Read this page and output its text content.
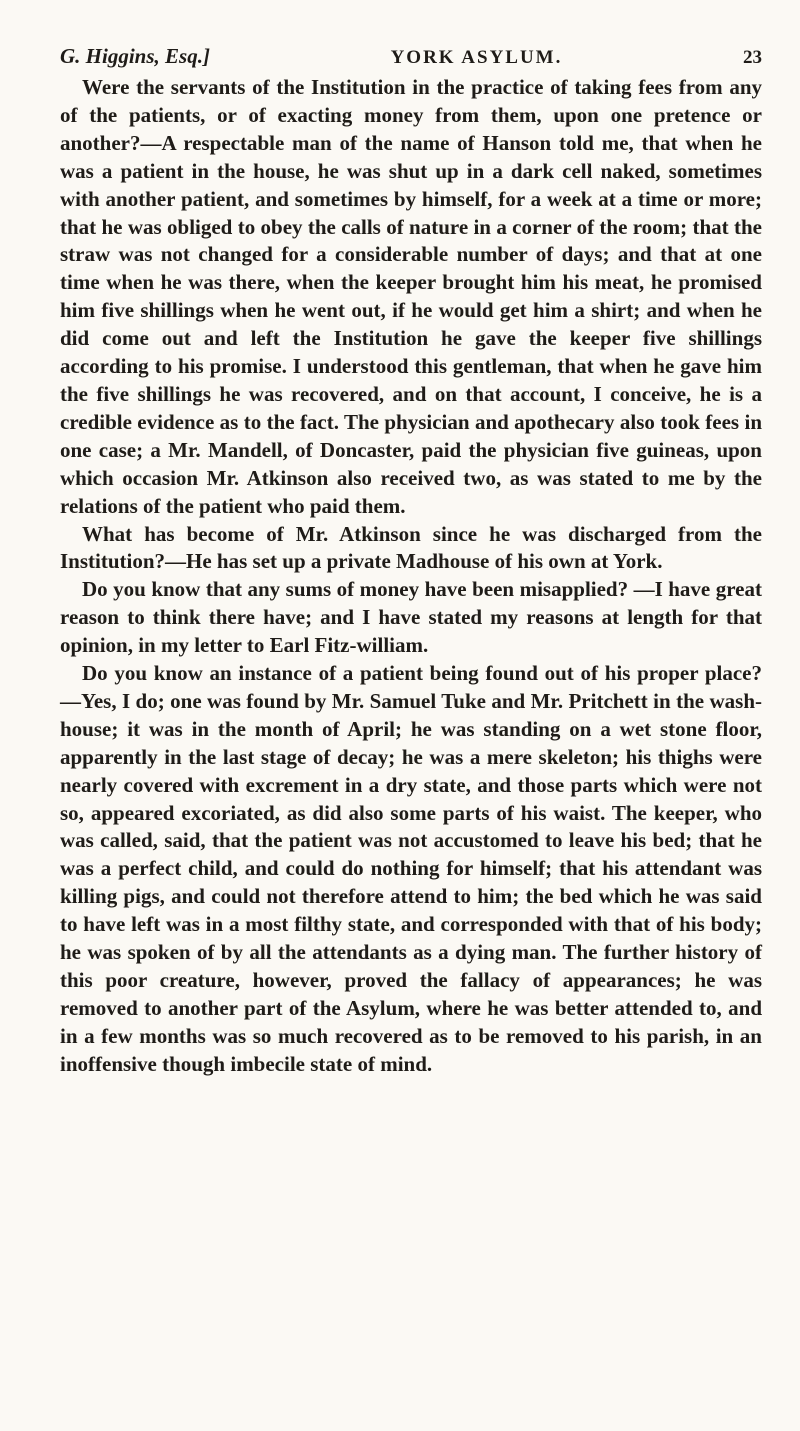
G. Higgins, Esq.]	YORK ASYLUM.	23

Were the servants of the Institution in the practice of taking fees from any of the patients, or of exacting money from them, upon one pretence or another?—A respectable man of the name of Hanson told me, that when he was a patient in the house, he was shut up in a dark cell naked, sometimes with another patient, and sometimes by himself, for a week at a time or more; that he was obliged to obey the calls of nature in a corner of the room; that the straw was not changed for a considerable number of days; and that at one time when he was there, when the keeper brought him his meat, he promised him five shillings when he went out, if he would get him a shirt; and when he did come out and left the Institution he gave the keeper five shillings according to his promise. I understood this gentleman, that when he gave him the five shillings he was recovered, and on that account, I conceive, he is a credible evidence as to the fact. The physician and apothecary also took fees in one case; a Mr. Mandell, of Doncaster, paid the physician five guineas, upon which occasion Mr. Atkinson also received two, as was stated to me by the relations of the patient who paid them.

What has become of Mr. Atkinson since he was discharged from the Institution?—He has set up a private Madhouse of his own at York.

Do you know that any sums of money have been misapplied? —I have great reason to think there have; and I have stated my reasons at length for that opinion, in my letter to Earl Fitz-william.

Do you know an instance of a patient being found out of his proper place?—Yes, I do; one was found by Mr. Samuel Tuke and Mr. Pritchett in the wash-house; it was in the month of April; he was standing on a wet stone floor, apparently in the last stage of decay; he was a mere skeleton; his thighs were nearly covered with excrement in a dry state, and those parts which were not so, appeared excoriated, as did also some parts of his waist. The keeper, who was called, said, that the patient was not accustomed to leave his bed; that he was a perfect child, and could do nothing for himself; that his attendant was killing pigs, and could not therefore attend to him; the bed which he was said to have left was in a most filthy state, and corresponded with that of his body; he was spoken of by all the attendants as a dying man. The further history of this poor creature, however, proved the fallacy of appearances; he was removed to another part of the Asylum, where he was better attended to, and in a few months was so much recovered as to be removed to his parish, in an inoffensive though imbecile state of mind.
